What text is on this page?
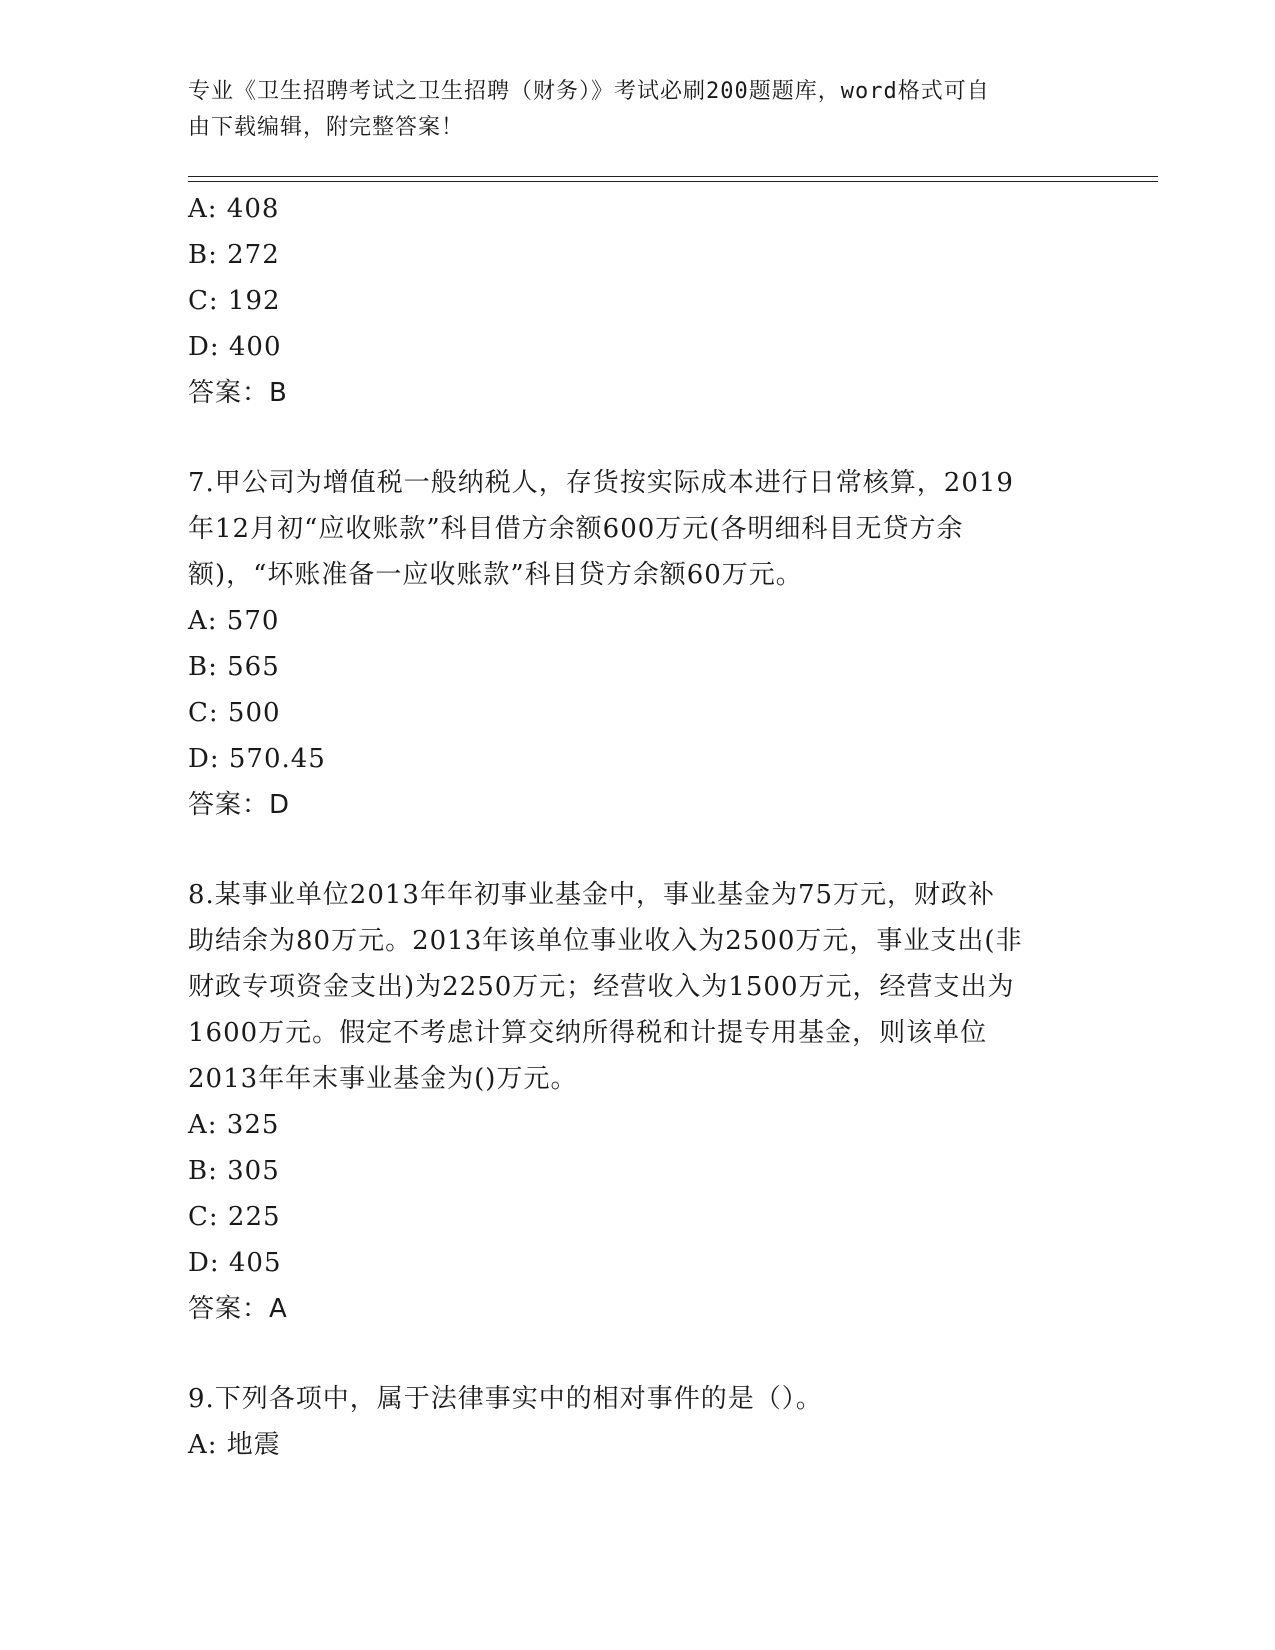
专业《卫生招聘考试之卫生招聘（财务）》考试必刷200题题库，word格式可自
由下载编辑，附完整答案！
A: 408
B: 272
C: 192
D: 400
答案：B
7.甲公司为增值税一般纳税人，存货按实际成本进行日常核算，2019
年12月初“应收账款”科目借方余额600万元(各明细科目无贷方余
额)，“坏账准备一应收账款”科目贷方余额60万元。
A: 570
B: 565
C: 500
D: 570.45
答案：D
8.某事业单位2013年年初事业基金中，事业基金为75万元，财政补
助结余为80万元。2013年该单位事业收入为2500万元，事业支出(非
财政专项资金支出)为2250万元；经营收入为1500万元，经营支出为
1600万元。假定不考虑计算交纳所得税和计提专用基金，则该单位
2013年年末事业基金为()万元。
A: 325
B: 305
C: 225
D: 405
答案：A
9.下列各项中，属于法律事实中的相对事件的是（）。
A: 地震
